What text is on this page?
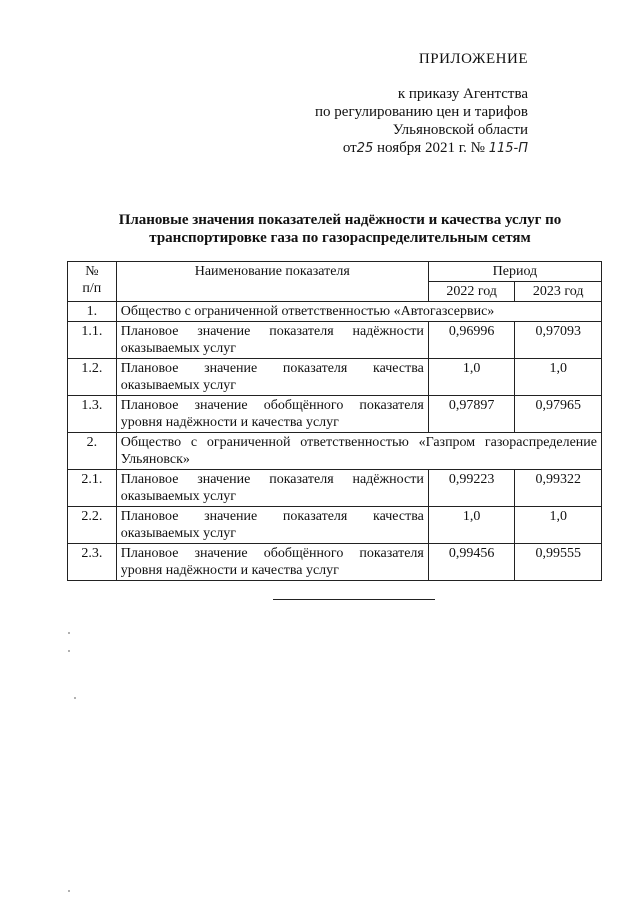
ПРИЛОЖЕНИЕ
к приказу Агентства
по регулированию цен и тарифов
Ульяновской области
от25 ноября 2021 г. № 115-П
Плановые значения показателей надёжности и качества услуг по
транспортировке газа по газораспределительным сетям
№
п/п	Наименование показателя	Период	
		2022 год	2023 год
1.	Общество с ограниченной ответственностью «Автогазсервис»		
1.1.	Плановое значение показателя надёжности оказываемых услуг	0,96996	0,97093
1.2.	Плановое значение показателя качества оказываемых услуг	1,0	1,0
1.3.	Плановое значение обобщённого показателя уровня надёжности и качества услуг	0,97897	0,97965
2.	Общество с ограниченной ответственностью «Газпром газораспределение Ульяновск»		
2.1.	Плановое значение показателя надёжности оказываемых услуг	0,99223	0,99322
2.2.	Плановое значение показателя качества оказываемых услуг	1,0	1,0
2.3.	Плановое значение обобщённого показателя уровня надёжности и качества услуг	0,99456	0,99555
